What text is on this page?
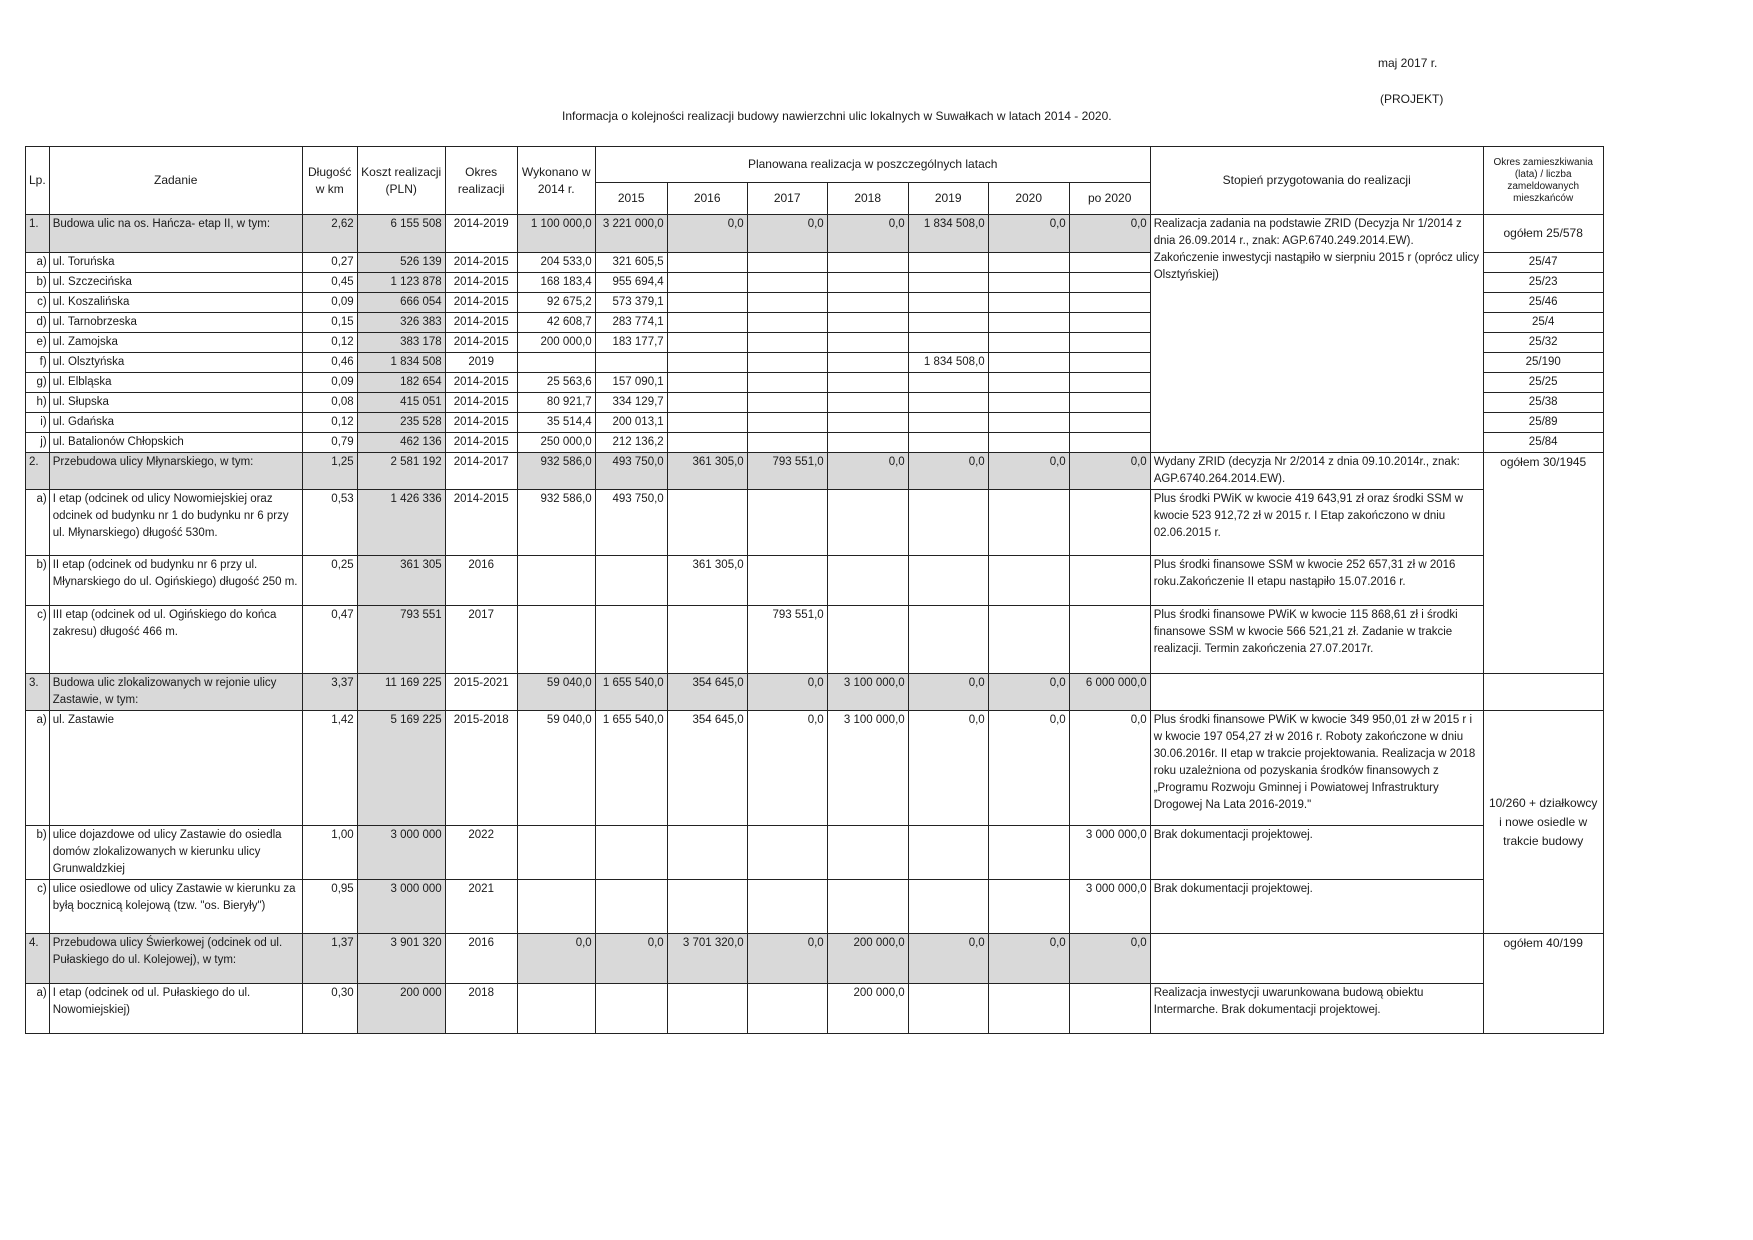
maj 2017 r.
(PROJEKT)
Informacja o kolejności realizacji budowy nawierzchni ulic lokalnych w Suwałkach w latach 2014 - 2020.
Lp.	Zadanie	Długość w km	Koszt realizacji (PLN)	Okres realizacji	Wykonano w 2014 r.	Planowana realizacja w poszczególnych latach							Stopień przygotowania do realizacji	Okres zamieszkiwania (lata) / liczba zameldowanych mieszkańców
						2015	2016	2017	2018	2019	2020	po 2020		
1.	Budowa ulic na os. Hańcza- etap II, w tym:	2,62	6 155 508	2014-2019	1 100 000,0	3 221 000,0	0,0	0,0	0,0	1 834 508,0	0,0	0,0	Realizacja zadania na podstawie ZRID (Decyzja Nr 1/2014 z dnia 26.09.2014 r., znak: AGP.6740.249.2014.EW). Zakończenie inwestycji nastąpiło w sierpniu 2015 r (oprócz ulicy Olsztyńskiej)	ogółem 25/578
a)	ul. Toruńska	0,27	526 139	2014-2015	204 533,0	321 605,5								25/47
b)	ul. Szczecińska	0,45	1 123 878	2014-2015	168 183,4	955 694,4								25/23
c)	ul. Koszalińska	0,09	666 054	2014-2015	92 675,2	573 379,1								25/46
d)	ul. Tarnobrzeska	0,15	326 383	2014-2015	42 608,7	283 774,1								25/4
e)	ul. Zamojska	0,12	383 178	2014-2015	200 000,0	183 177,7								25/32
f)	ul. Olsztyńska	0,46	1 834 508	2019						1 834 508,0				25/190
g)	ul. Elbląska	0,09	182 654	2014-2015	25 563,6	157 090,1								25/25
h)	ul. Słupska	0,08	415 051	2014-2015	80 921,7	334 129,7								25/38
i)	ul. Gdańska	0,12	235 528	2014-2015	35 514,4	200 013,1								25/89
j)	ul. Batalionów Chłopskich	0,79	462 136	2014-2015	250 000,0	212 136,2								25/84
2.	Przebudowa ulicy Młynarskiego, w tym:	1,25	2 581 192	2014-2017	932 586,0	493 750,0	361 305,0	793 551,0	0,0	0,0	0,0	0,0	Wydany ZRID (decyzja Nr 2/2014 z dnia 09.10.2014r., znak: AGP.6740.264.2014.EW).	ogółem 30/1945
a)	I etap (odcinek od ulicy Nowomiejskiej oraz odcinek od budynku nr 1 do budynku nr 6 przy ul. Młynarskiego) długość 530m.	0,53	1 426 336	2014-2015	932 586,0	493 750,0							Plus środki PWiK w kwocie 419 643,91 zł oraz środki SSM w kwocie 523 912,72 zł w 2015 r. I Etap zakończono w dniu 02.06.2015 r.	
b)	II etap (odcinek od budynku nr 6 przy ul. Młynarskiego do ul. Ogińskiego) długość 250 m.	0,25	361 305	2016			361 305,0						Plus środki finansowe SSM w kwocie 252 657,31 zł w 2016 roku.Zakończenie II etapu nastąpiło 15.07.2016 r.	
c)	III etap (odcinek od ul. Ogińskiego do końca zakresu) długość 466 m.	0,47	793 551	2017				793 551,0					Plus środki finansowe PWiK w kwocie 115 868,61 zł i środki finansowe SSM w kwocie 566 521,21 zł. Zadanie w trakcie realizacji. Termin zakończenia 27.07.2017r.	
3.	Budowa ulic zlokalizowanych w rejonie ulicy Zastawie, w tym:	3,37	11 169 225	2015-2021	59 040,0	1 655 540,0	354 645,0	0,0	3 100 000,0	0,0	0,0	6 000 000,0		
a)	ul. Zastawie	1,42	5 169 225	2015-2018	59 040,0	1 655 540,0	354 645,0	0,0	3 100 000,0	0,0	0,0	0,0	Plus środki finansowe PWiK w kwocie 349 950,01 zł w 2015 r i w kwocie 197 054,27 zł w 2016 r. Roboty zakończone w dniu 30.06.2016r. II etap w trakcie projektowania. Realizacja w 2018 roku uzależniona od pozyskania środków finansowych z „Programu Rozwoju Gminnej i Powiatowej Infrastruktury Drogowej Na Lata 2016-2019."	10/260 + działkowcy i nowe osiedle w trakcie budowy
b)	ulice dojazdowe od ulicy Zastawie do osiedla domów zlokalizowanych w kierunku ulicy Grunwaldzkiej	1,00	3 000 000	2022								3 000 000,0	Brak dokumentacji projektowej.	
c)	ulice osiedlowe od ulicy Zastawie w kierunku za byłą bocznicą kolejową (tzw. "os. Bieryły")	0,95	3 000 000	2021								3 000 000,0	Brak dokumentacji projektowej.	
4.	Przebudowa ulicy Świerkowej (odcinek od ul. Pułaskiego do ul. Kolejowej), w tym:	1,37	3 901 320	2016	0,0	0,0	3 701 320,0	0,0	200 000,0	0,0	0,0	0,0		ogółem 40/199
a)	I etap (odcinek od ul. Pułaskiego do ul. Nowomiejskiej)	0,30	200 000	2018					200 000,0				Realizacja inwestycji uwarunkowana budową obiektu Intermarche. Brak dokumentacji projektowej.	
